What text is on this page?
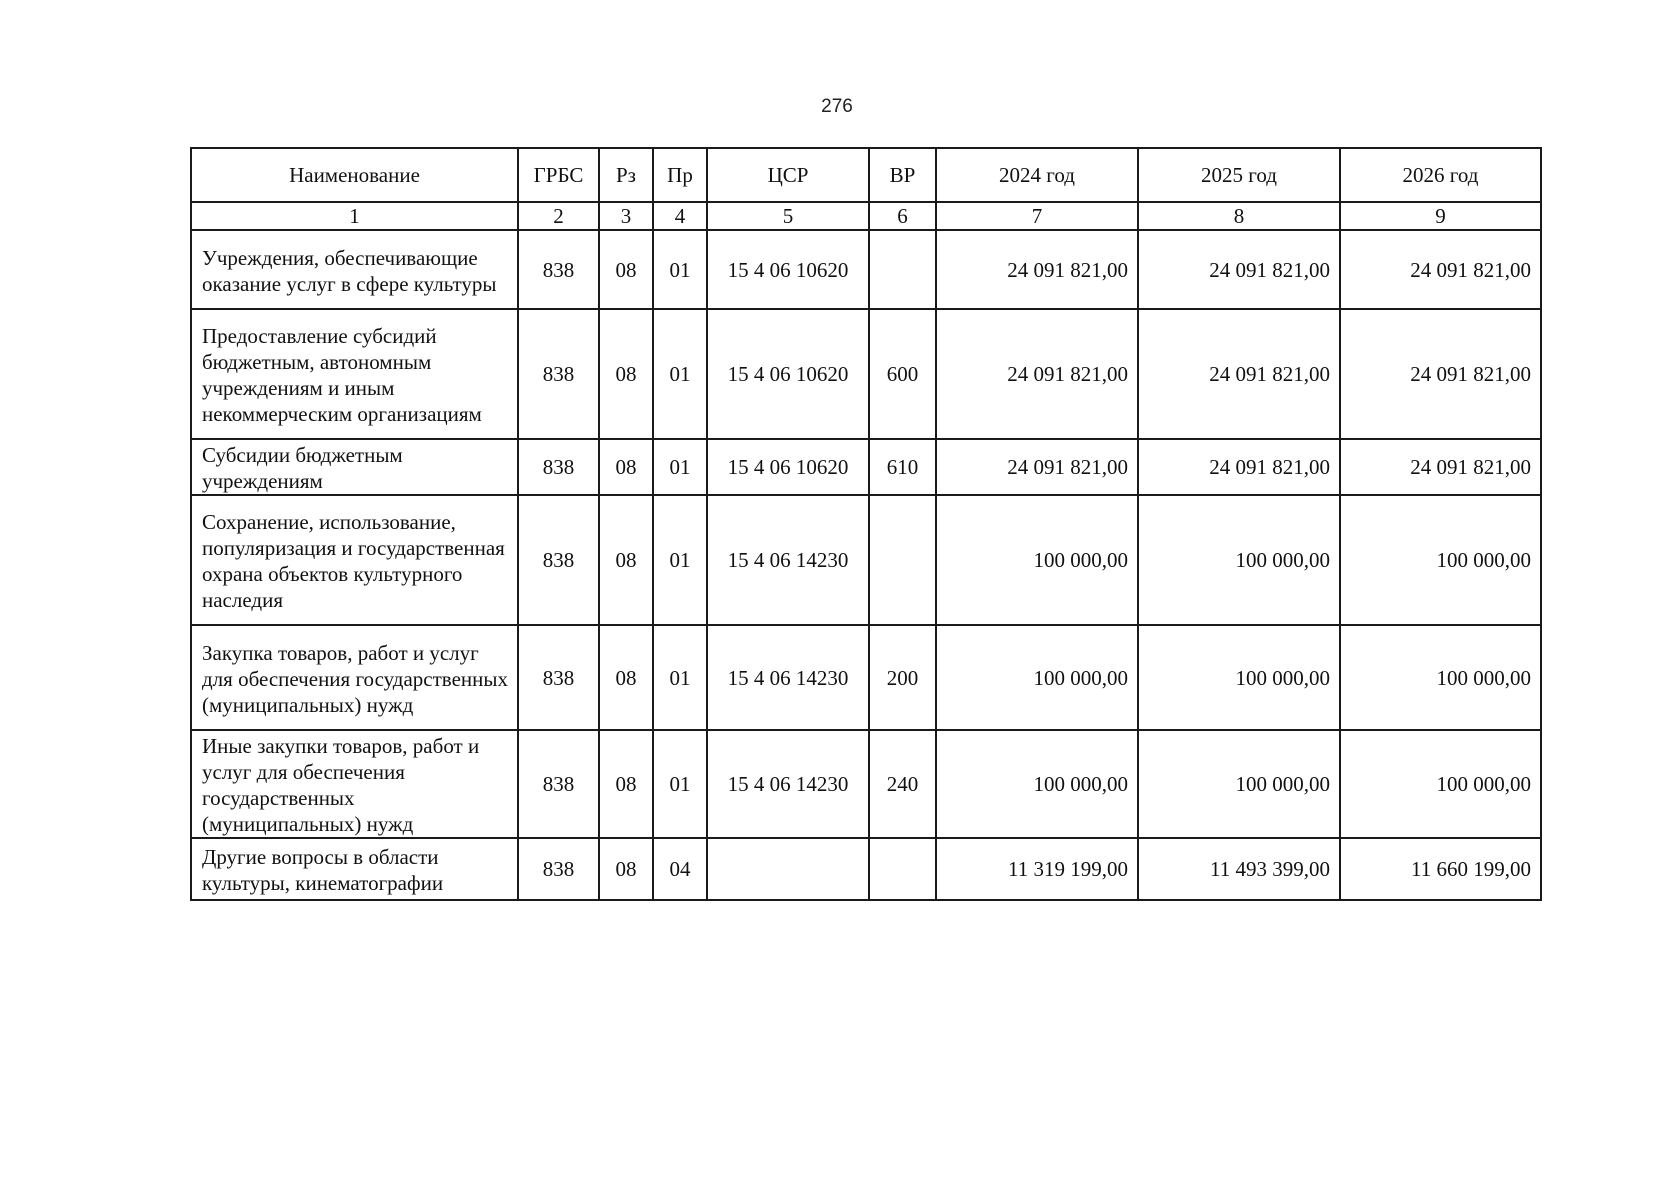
276
Наименование	ГРБС	Рз	Пр	ЦСР	ВР	2024 год	2025 год	2026 год
1	2	3	4	5	6	7	8	9
Учреждения, обеспечивающие оказание услуг в сфере культуры	838	08	01	15 4 06 10620		24 091 821,00	24 091 821,00	24 091 821,00
Предоставление субсидий бюджетным, автономным учреждениям и иным некоммерческим организациям	838	08	01	15 4 06 10620	600	24 091 821,00	24 091 821,00	24 091 821,00
Субсидии бюджетным учреждениям	838	08	01	15 4 06 10620	610	24 091 821,00	24 091 821,00	24 091 821,00
Сохранение, использование, популяризация и государственная охрана объектов культурного наследия	838	08	01	15 4 06 14230		100 000,00	100 000,00	100 000,00
Закупка товаров, работ и услуг для обеспечения государственных (муниципальных) нужд	838	08	01	15 4 06 14230	200	100 000,00	100 000,00	100 000,00
Иные закупки товаров, работ и услуг для обеспечения государственных (муниципальных) нужд	838	08	01	15 4 06 14230	240	100 000,00	100 000,00	100 000,00
Другие вопросы в области культуры, кинематографии	838	08	04			11 319 199,00	11 493 399,00	11 660 199,00
